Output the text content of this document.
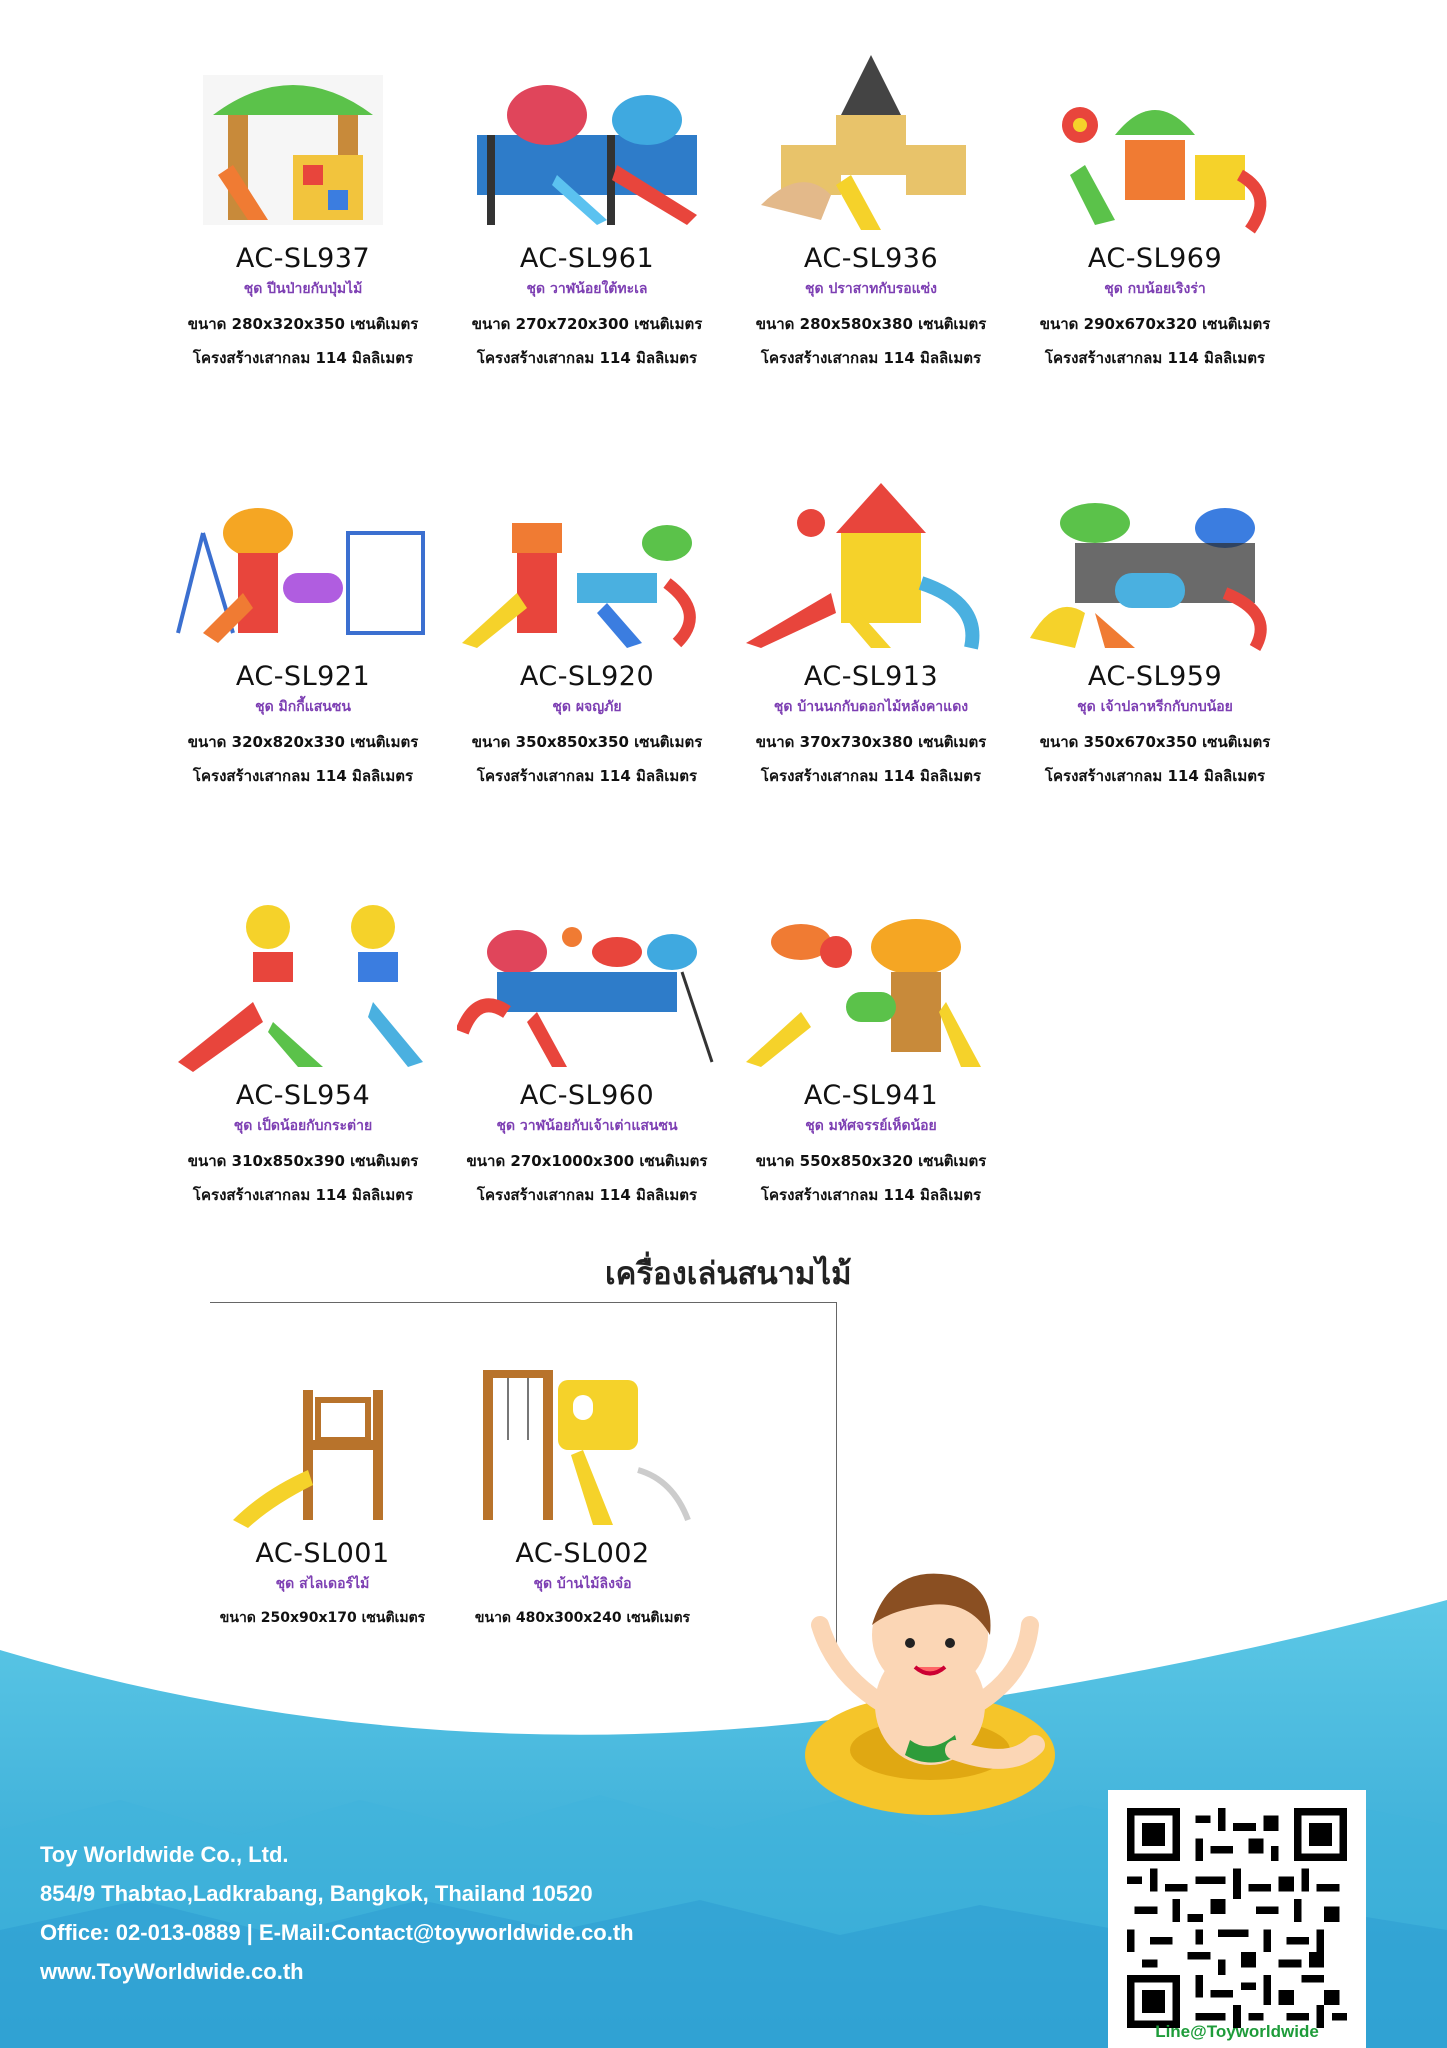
AC-SL937
ชุด ปีนป่ายกับปุ่มไม้
ขนาด 280x320x350 เซนติเมตร
โครงสร้างเสากลม 114 มิลลิเมตร
AC-SL961
ชุด วาฬน้อยใต้ทะเล
ขนาด 270x720x300 เซนติเมตร
โครงสร้างเสากลม 114 มิลลิเมตร
AC-SL936
ชุด ปราสาทกับรอแซ่ง
ขนาด 280x580x380 เซนติเมตร
โครงสร้างเสากลม 114 มิลลิเมตร
AC-SL969
ชุด กบน้อยเริงร่า
ขนาด 290x670x320 เซนติเมตร
โครงสร้างเสากลม 114 มิลลิเมตร
AC-SL921
ชุด มิกกี้แสนซน
ขนาด 320x820x330 เซนติเมตร
โครงสร้างเสากลม 114 มิลลิเมตร
AC-SL920
ชุด ผจญภัย
ขนาด 350x850x350 เซนติเมตร
โครงสร้างเสากลม 114 มิลลิเมตร
AC-SL913
ชุด บ้านนกกับดอกไม้หลังคาแดง
ขนาด 370x730x380 เซนติเมตร
โครงสร้างเสากลม 114 มิลลิเมตร
AC-SL959
ชุด เจ้าปลาหรีกกับกบน้อย
ขนาด 350x670x350 เซนติเมตร
โครงสร้างเสากลม 114 มิลลิเมตร
AC-SL954
ชุด เป็ดน้อยกับกระต่าย
ขนาด 310x850x390 เซนติเมตร
โครงสร้างเสากลม 114 มิลลิเมตร
AC-SL960
ชุด วาฬน้อยกับเจ้าเต่าแสนซน
ขนาด 270x1000x300 เซนติเมตร
โครงสร้างเสากลม 114 มิลลิเมตร
AC-SL941
ชุด มหัศจรรย์เห็ดน้อย
ขนาด 550x850x320 เซนติเมตร
โครงสร้างเสากลม 114 มิลลิเมตร
เครื่องเล่นสนามไม้
AC-SL001
ชุด สไลเดอร์ไม้
ขนาด 250x90x170 เซนติเมตร
AC-SL002
ชุด บ้านไม้ลิงจ๋อ
ขนาด 480x300x240 เซนติเมตร
Toy Worldwide Co., Ltd.
854/9 Thabtao,Ladkrabang, Bangkok, Thailand 10520
Office: 02-013-0889 | E-Mail:Contact@toyworldwide.co.th
www.ToyWorldwide.co.th
Line@Toyworldwide
